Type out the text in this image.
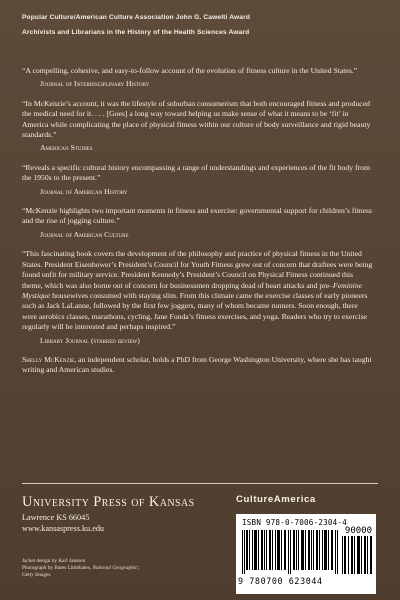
Popular Culture/American Culture Association John G. Cawelti Award
Archivists and Librarians in the History of the Health Sciences Award

“A compelling, cohesive, and easy-to-follow account of the evolution of fitness culture in the United States.”

Journal of Interdisciplinary History

“In McKenzie’s account, it was the lifestyle of suburban consumerism that both encouraged fitness and produced the medical need for it. . . . [Goes] a long way toward helping us make sense of what it means to be ‘fit’ in America while complicating the place of physical fitness within our culture of body surveillance and rigid beauty standards.”

American Studies

“Reveals a specific cultural history encompassing a range of understandings and experiences of the fit body from the 1950s to the present.”

Journal of American History

“McKenzie highlights two important moments in fitness and exercise: governmental support for children’s fitness and the rise of jogging culture.”

Journal of American Culture

“This fascinating book covers the development of the philosophy and practice of physical fitness in the United States. President Eisenhower’s President’s Council for Youth Fitness grew out of concern that draftees were being found unfit for military service. President Kennedy’s President’s Council on Physical Fitness continued this theme, which was also borne out of concern for businessmen dropping dead of heart attacks and pre–Feminine Mystique housewives consumed with staying slim. From this climate came the exercise classes of early pioneers such as Jack LaLanne, followed by the first few joggers, many of whom became runners. Soon enough, there were aerobics classes, marathons, cycling, Jane Fonda’s fitness exercises, and yoga. Readers who try to exercise regularly will be interested and perhaps inspired.”

Library Journal (starred review)

Shelly McKenzie, an independent scholar, holds a PhD from George Washington University, where she has taught writing and American studies.

University Press of Kansas
Lawrence KS 66045
www.kansaspress.ku.edu
Jacket design by Karl Janssen
Photograph by Bates Littlehales, National Geographic;
Getty Images
CultureAmerica
ISBN 978-0-7006-2304-4
90000
9 780700 623044
